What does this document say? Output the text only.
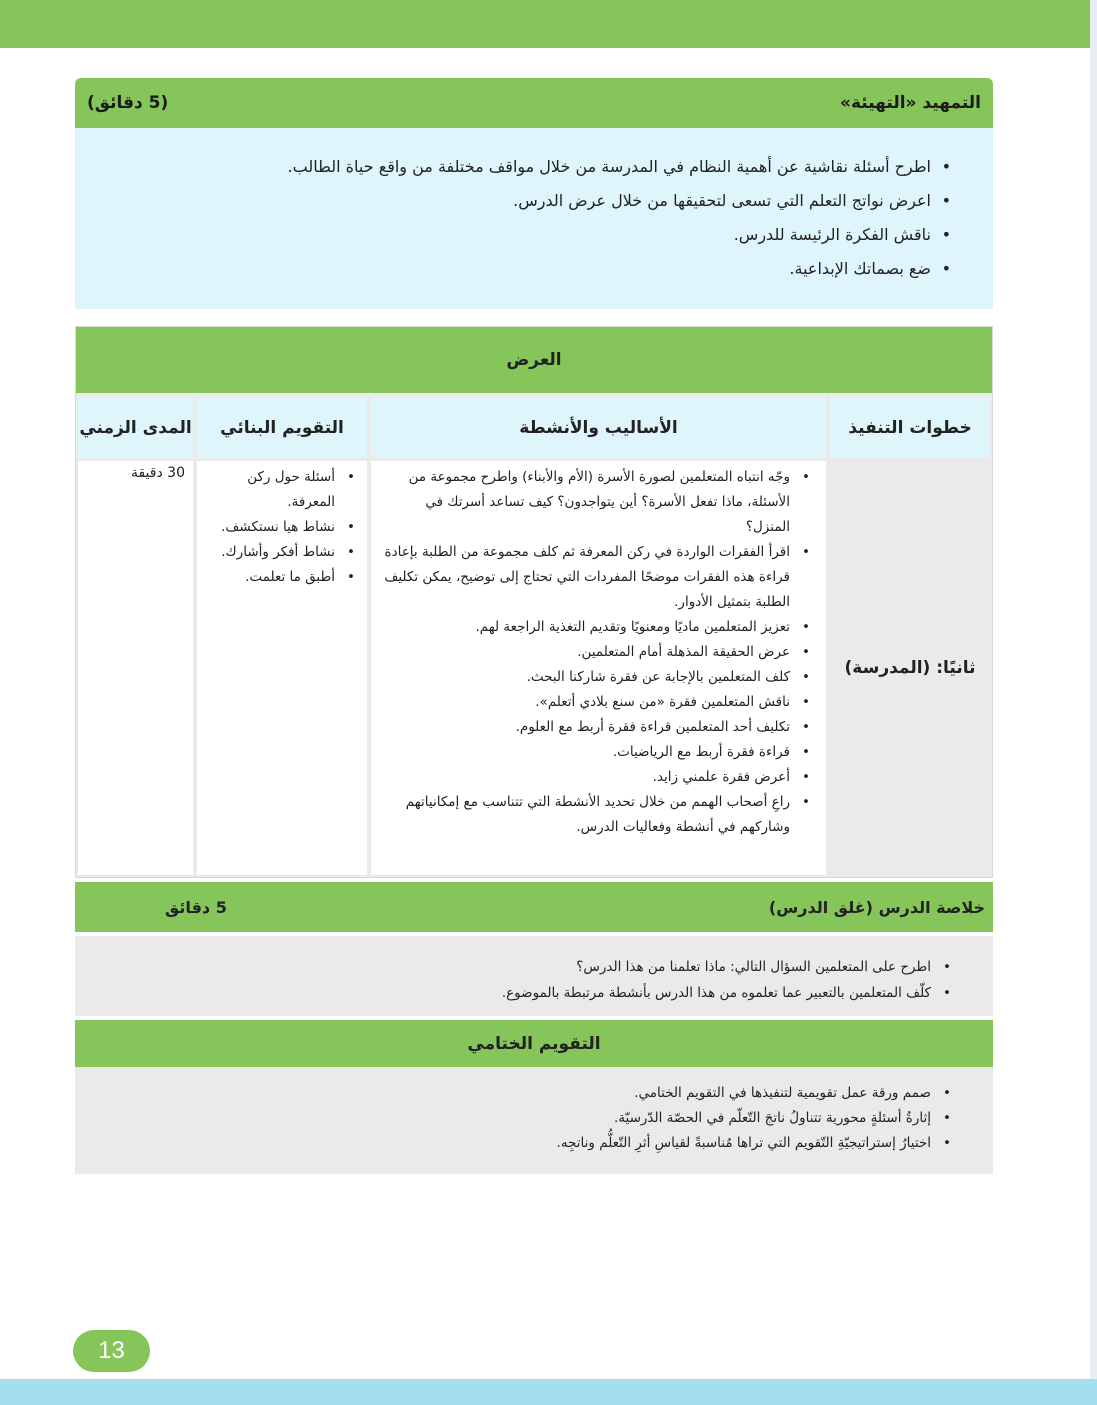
التمهيد «التهيئة»
(5 دقائق)
• اطرح أسئلة نقاشية عن أهمية النظام في المدرسة من خلال مواقف مختلفة من واقع حياة الطالب.
• اعرض نواتج التعلم التي تسعى لتحقيقها من خلال عرض الدرس.
• ناقش الفكرة الرئيسة للدرس.
• ضع بصماتك الإبداعية.
العرض
خطوات التنفيذ
الأساليب والأنشطة
التقويم البنائي
المدى الزمني
ثانيًا: (المدرسة)
• وجّه انتباه المتعلمين لصورة الأسرة (الأم والأبناء) واطرح مجموعة من الأسئلة، ماذا تفعل الأسرة؟ أين يتواجدون؟ كيف تساعد أسرتك في المنزل؟
• اقرأ الفقرات الواردة في ركن المعرفة ثم كلف مجموعة من الطلبة بإعادة قراءة هذه الفقرات موضحًا المفردات التي تحتاج إلى توضيح، يمكن تكليف الطلبة بتمثيل الأدوار.
• تعزيز المتعلمين ماديًا ومعنويًا وتقديم التغذية الراجعة لهم.
• عرض الحقيقة المذهلة أمام المتعلمين.
• كلف المتعلمين بالإجابة عن فقرة شاركنا البحث.
• ناقش المتعلمين فقرة «من سنع بلادي أتعلم».
• تكليف أحد المتعلمين قراءة فقرة أربط مع العلوم.
• قراءة فقرة أربط مع الرياضيات.
• أعرض فقرة علمني زايد.
• راعِ أصحاب الهمم من خلال تحديد الأنشطة التي تتناسب مع إمكانياتهم وشاركهم في أنشطة وفعاليات الدرس.
• أسئلة حول ركن المعرفة.
• نشاط هيا نستكشف.
• نشاط أفكر وأشارك.
• أطبق ما تعلمت.
30 دقيقة
خلاصة الدرس (غلق الدرس)
5 دقائق
• اطرح على المتعلمين السؤال التالي: ماذا تعلمنا من هذا الدرس؟
• كلّف المتعلمين بالتعبير عما تعلموه من هذا الدرس بأنشطة مرتبطة بالموضوع.
التقويم الختامي
• صمم ورقة عمل تقويمية لتنفيذها في التقويم الختامي.
• إثارةُ أسئلةٍ محورية تتناولُ ناتجَ التّعلّم في الحصّة الدّرسيّة.
• اختيارُ إستراتيجيّةِ التّقويم التي تراها مُناسبةً لقياسِ أثرِ التّعلُّم وناتجِه.
13
